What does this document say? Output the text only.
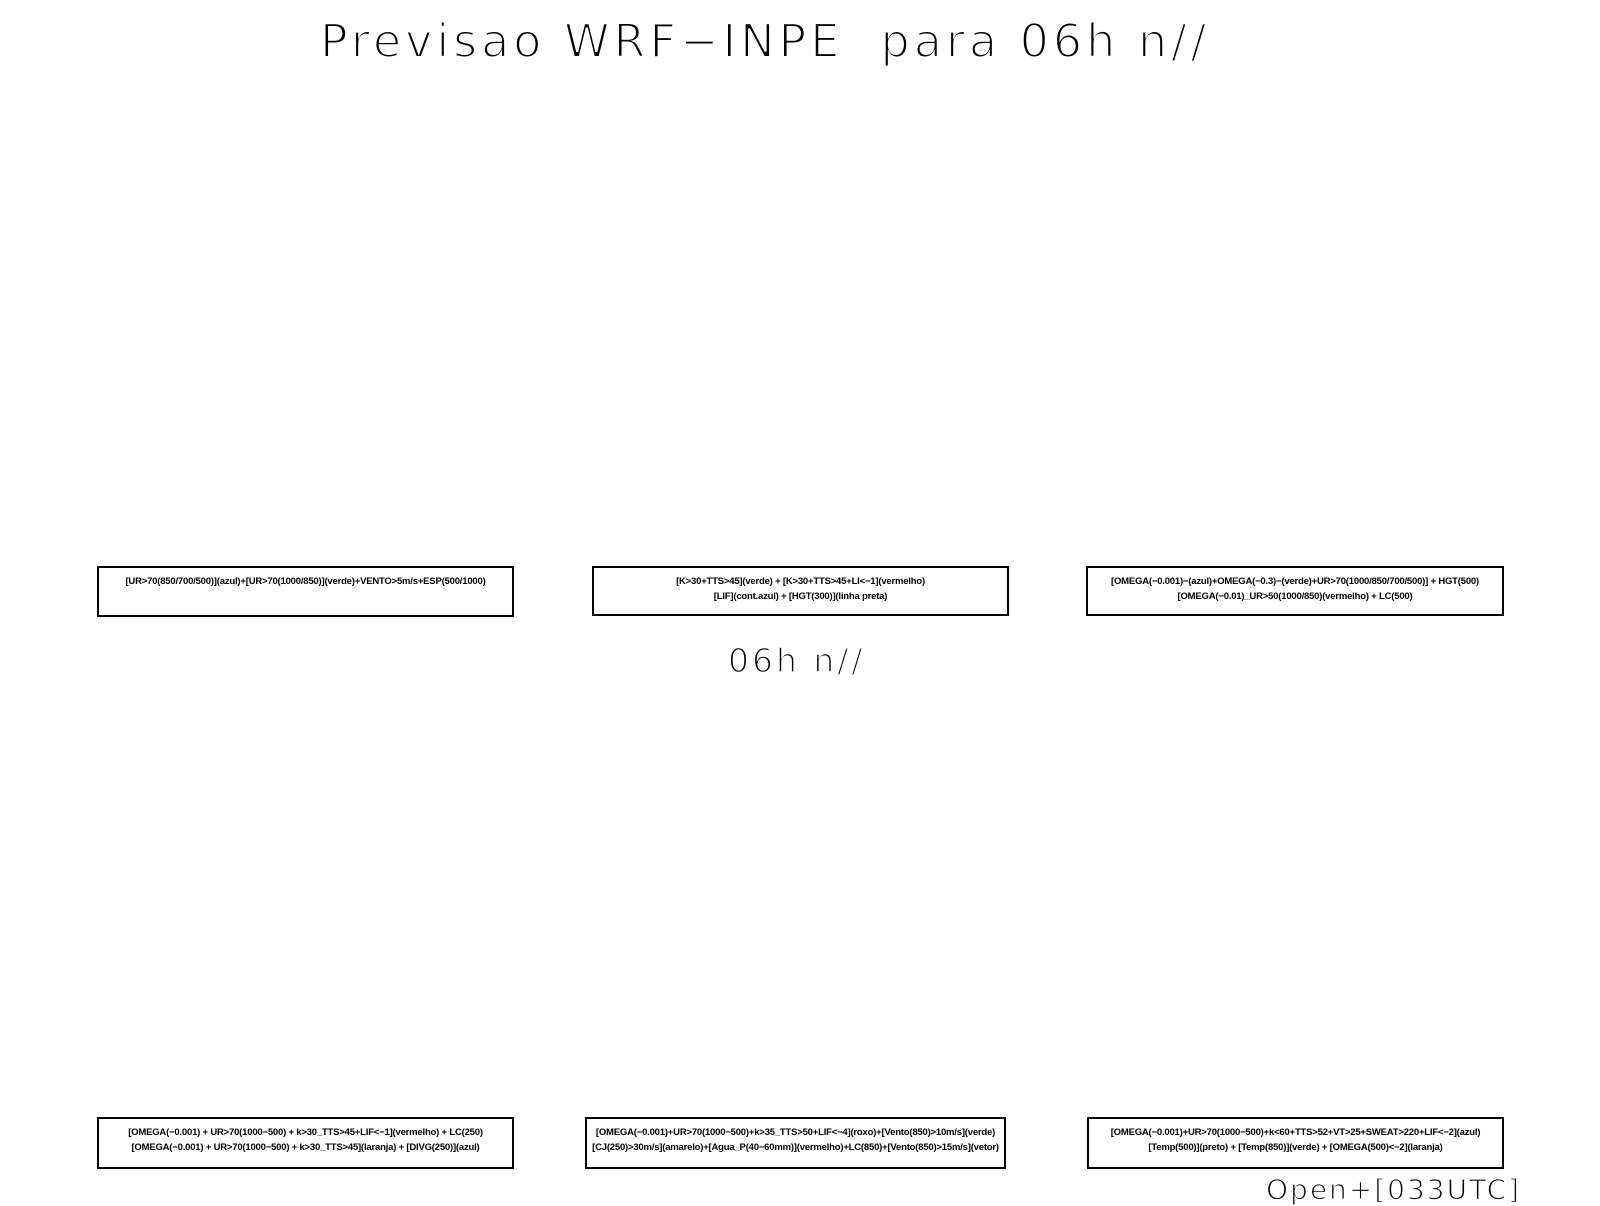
Previsao WRF−INPE  para 06h n//
[UR>70(850/700/500)](azul)+[UR>70(1000/850)](verde)+VENTO>5m/s+ESP(500/1000)	[K>30+TTS>45](verde) + [K>30+TTS>45+LI<−1](vermelho)
[LIF](cont.azul) + [HGT(300)](linha preta)
[OMEGA(−0.001)−(azul)+OMEGA(−0.3)−(verde)+UR>70(1000/850/700/500)] + HGT(500)
[OMEGA(−0.01)_UR>50(1000/850)(vermelho) + LC(500)
06h n//
[OMEGA(−0.001) + UR>70(1000−500) + k>30_TTS>45+LIF<−1](vermelho) + LC(250)
[OMEGA(−0.001) + UR>70(1000−500) + k>30_TTS>45](laranja) + [DIVG(250)](azul)
[OMEGA(−0.001)+UR>70(1000−500)+k>35_TTS>50+LIF<−4](roxo)+[Vento(850)>10m/s](verde)
[CJ(250)>30m/s](amarelo)+[Agua_P(40−60mm)](vermelho)+LC(850)+[Vento(850)>15m/s](vetor)
[OMEGA(−0.001)+UR>70(1000−500)+k<60+TTS>52+VT>25+SWEAT>220+LIF<−2](azul)
[Temp(500)](preto) + [Temp(850)](verde) + [OMEGA(500)<−2](laranja)
Open+[033UTC]
